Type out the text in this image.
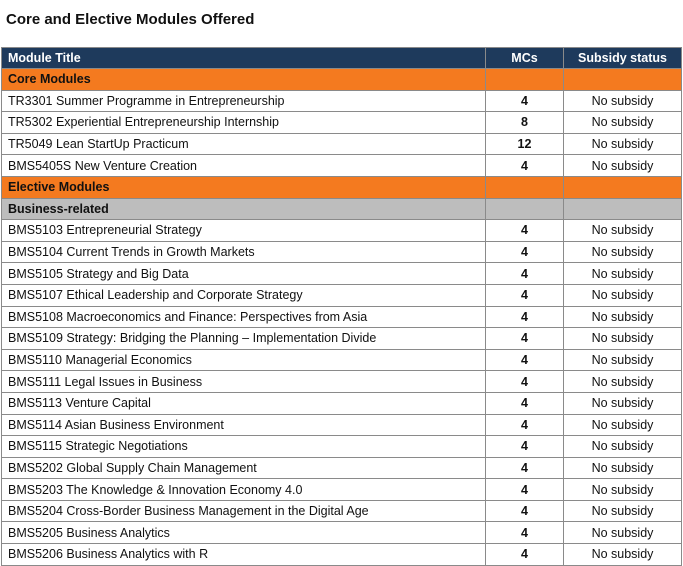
Core and Elective Modules Offered
Module Title	MCs	Subsidy status
Core Modules		
TR3301 Summer Programme in Entrepreneurship	4	No subsidy
TR5302 Experiential Entrepreneurship Internship	8	No subsidy
TR5049 Lean StartUp Practicum	12	No subsidy
BMS5405S New Venture Creation	4	No subsidy
Elective Modules		
Business-related		
BMS5103 Entrepreneurial Strategy	4	No subsidy
BMS5104 Current Trends in Growth Markets	4	No subsidy
BMS5105 Strategy and Big Data	4	No subsidy
BMS5107 Ethical Leadership and Corporate Strategy	4	No subsidy
BMS5108 Macroeconomics and Finance: Perspectives from Asia	4	No subsidy
BMS5109 Strategy: Bridging the Planning – Implementation Divide	4	No subsidy
BMS5110 Managerial Economics	4	No subsidy
BMS5111 Legal Issues in Business	4	No subsidy
BMS5113 Venture Capital	4	No subsidy
BMS5114 Asian Business Environment	4	No subsidy
BMS5115 Strategic Negotiations	4	No subsidy
BMS5202 Global Supply Chain Management	4	No subsidy
BMS5203 The Knowledge & Innovation Economy 4.0	4	No subsidy
BMS5204 Cross-Border Business Management in the Digital Age	4	No subsidy
BMS5205 Business Analytics	4	No subsidy
BMS5206 Business Analytics with R	4	No subsidy
